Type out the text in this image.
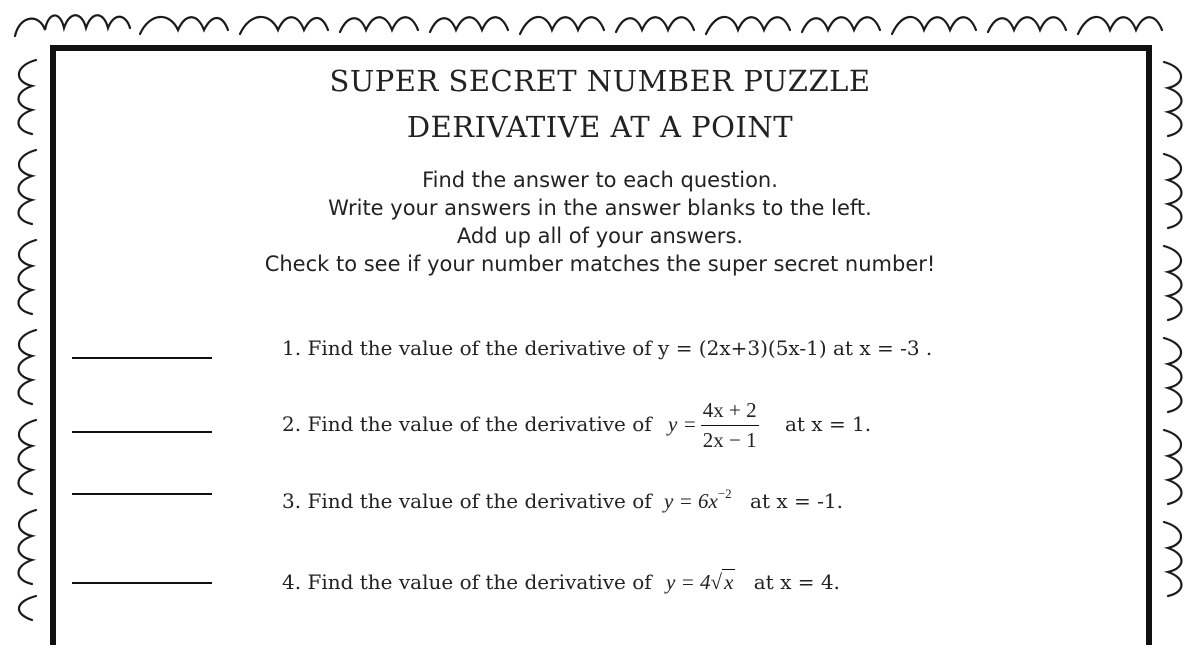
SUPER SECRET NUMBER PUZZLE
DERIVATIVE AT A POINT
Find the answer to each question.
Write your answers in the answer blanks to the left.
Add up all of your answers.
Check to see if your number matches the super secret number!
1. Find the value of the derivative of y = (2x+3)(5x-1) at x = -3 .
2. Find the value of the derivative of $y = \frac{4x + 2}{2x - 1}$ at x = 1.
3. Find the value of the derivative of $y = 6x^{-2}$ at x = -1.
4. Find the value of the derivative of y = 4√x at x = 4.
